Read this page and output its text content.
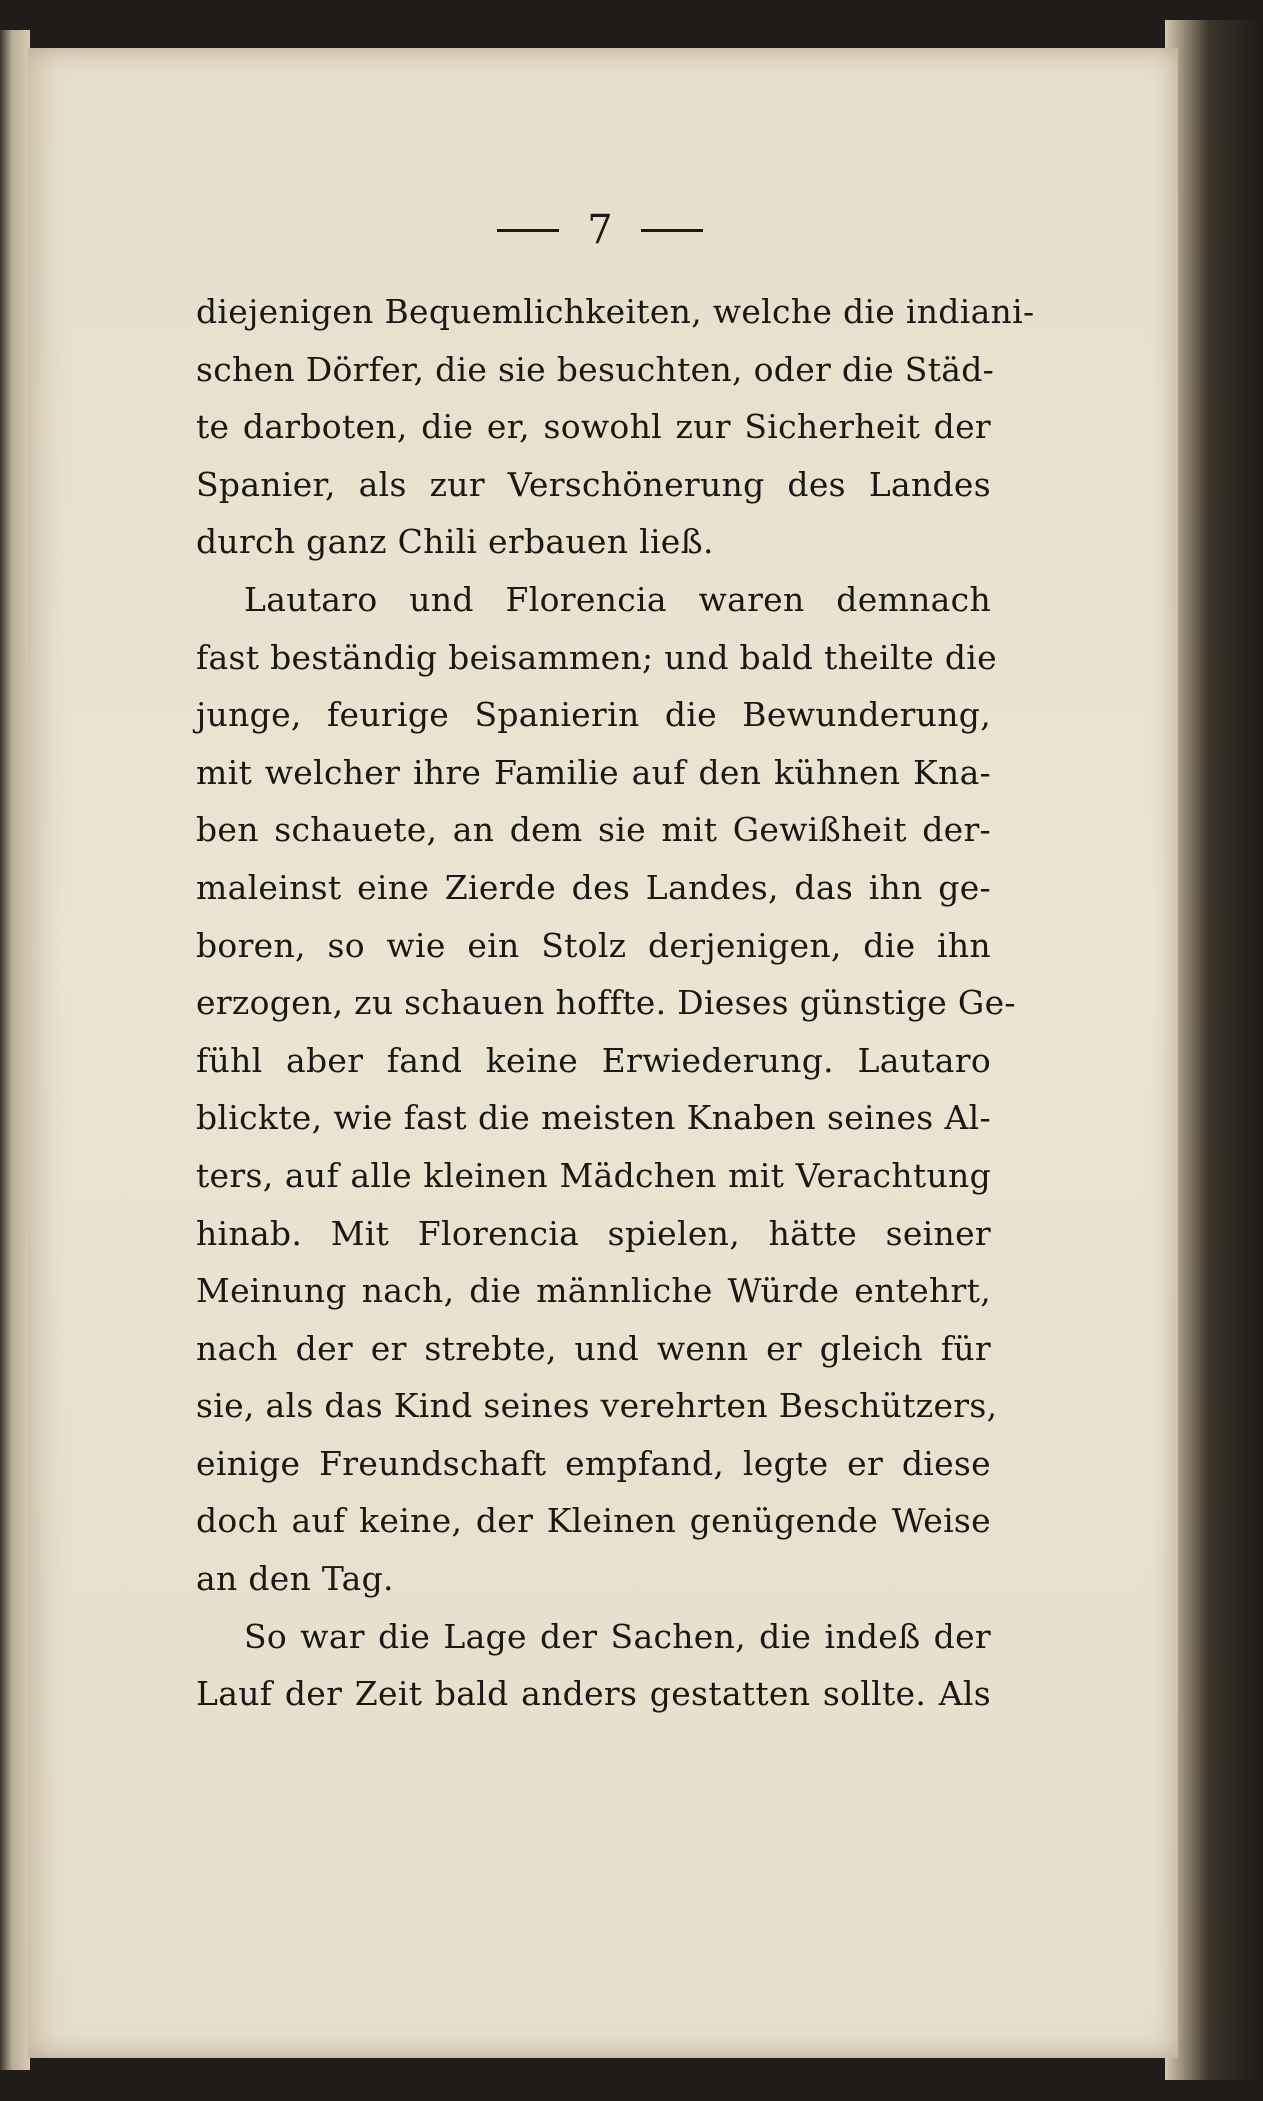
7
diejenigen Bequemlichkeiten, welche die indiani-
schen Dörfer, die sie besuchten, oder die Städ-
te darboten, die er, sowohl zur Sicherheit der
Spanier, als zur Verschönerung des Landes
durch ganz Chili erbauen ließ.
Lautaro und Florencia waren demnach
fast beständig beisammen; und bald theilte die
junge, feurige Spanierin die Bewunderung,
mit welcher ihre Familie auf den kühnen Kna-
ben schauete, an dem sie mit Gewißheit der-
maleinst eine Zierde des Landes, das ihn ge-
boren, so wie ein Stolz derjenigen, die ihn
erzogen, zu schauen hoffte. Dieses günstige Ge-
fühl aber fand keine Erwiederung. Lautaro
blickte, wie fast die meisten Knaben seines Al-
ters, auf alle kleinen Mädchen mit Verachtung
hinab. Mit Florencia spielen, hätte seiner
Meinung nach, die männliche Würde entehrt,
nach der er strebte, und wenn er gleich für
sie, als das Kind seines verehrten Beschützers,
einige Freundschaft empfand, legte er diese
doch auf keine, der Kleinen genügende Weise
an den Tag.
So war die Lage der Sachen, die indeß der
Lauf der Zeit bald anders gestatten sollte. Als
